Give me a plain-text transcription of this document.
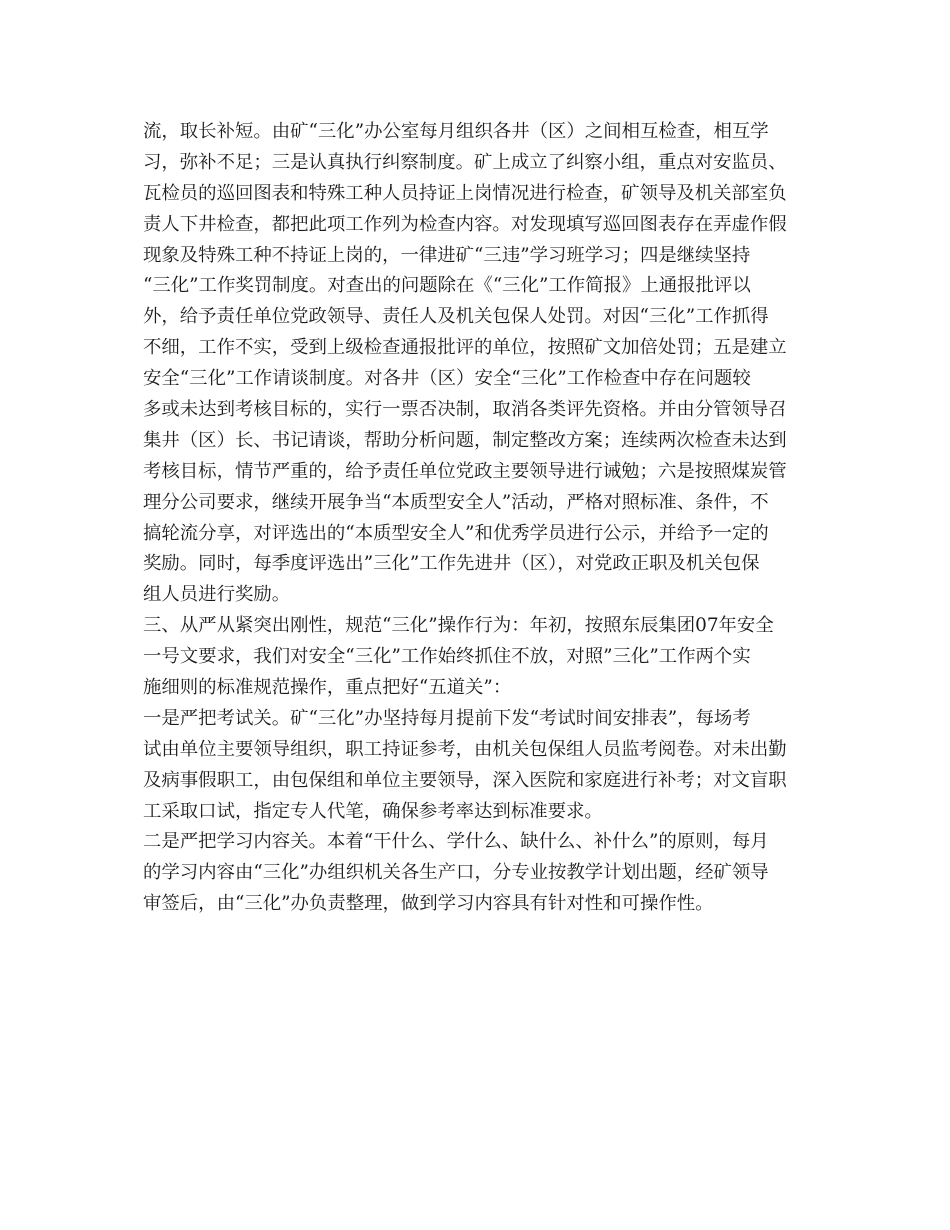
流，取长补短。由矿“三化”办公室每月组织各井（区）之间相互检查，相互学
习，弥补不足；三是认真执行纠察制度。矿上成立了纠察小组，重点对安监员、
瓦检员的巡回图表和特殊工种人员持证上岗情况进行检查，矿领导及机关部室负
责人下井检查，都把此项工作列为检查内容。对发现填写巡回图表存在弄虚作假
现象及特殊工种不持证上岗的，一律进矿“三违”学习班学习；四是继续坚持
“三化”工作奖罚制度。对查出的问题除在《“三化”工作简报》上通报批评以
外，给予责任单位党政领导、责任人及机关包保人处罚。对因“三化”工作抓得
不细，工作不实，受到上级检查通报批评的单位，按照矿文加倍处罚；五是建立
安全“三化”工作请谈制度。对各井（区）安全“三化”工作检查中存在问题较
多或未达到考核目标的，实行一票否决制，取消各类评先资格。并由分管领导召
集井（区）长、书记请谈，帮助分析问题，制定整改方案；连续两次检查未达到
考核目标，情节严重的，给予责任单位党政主要领导进行诫勉；六是按照煤炭管
理分公司要求，继续开展争当“本质型安全人”活动，严格对照标准、条件，不
搞轮流分享，对评选出的“本质型安全人”和优秀学员进行公示，并给予一定的
奖励。同时，每季度评选出”三化”工作先进井（区），对党政正职及机关包保
组人员进行奖励。
三、从严从紧突出刚性，规范“三化”操作行为：年初，按照东辰集团07年安全
一号文要求，我们对安全“三化”工作始终抓住不放，对照”三化”工作两个实
施细则的标准规范操作，重点把好“五道关”：
一是严把考试关。矿“三化”办坚持每月提前下发“考试时间安排表”，每场考
试由单位主要领导组织，职工持证参考，由机关包保组人员监考阅卷。对未出勤
及病事假职工，由包保组和单位主要领导，深入医院和家庭进行补考；对文盲职
工采取口试，指定专人代笔，确保参考率达到标准要求。
二是严把学习内容关。本着“干什么、学什么、缺什么、补什么”的原则，每月
的学习内容由“三化”办组织机关各生产口，分专业按教学计划出题，经矿领导
审签后，由“三化”办负责整理，做到学习内容具有针对性和可操作性。
